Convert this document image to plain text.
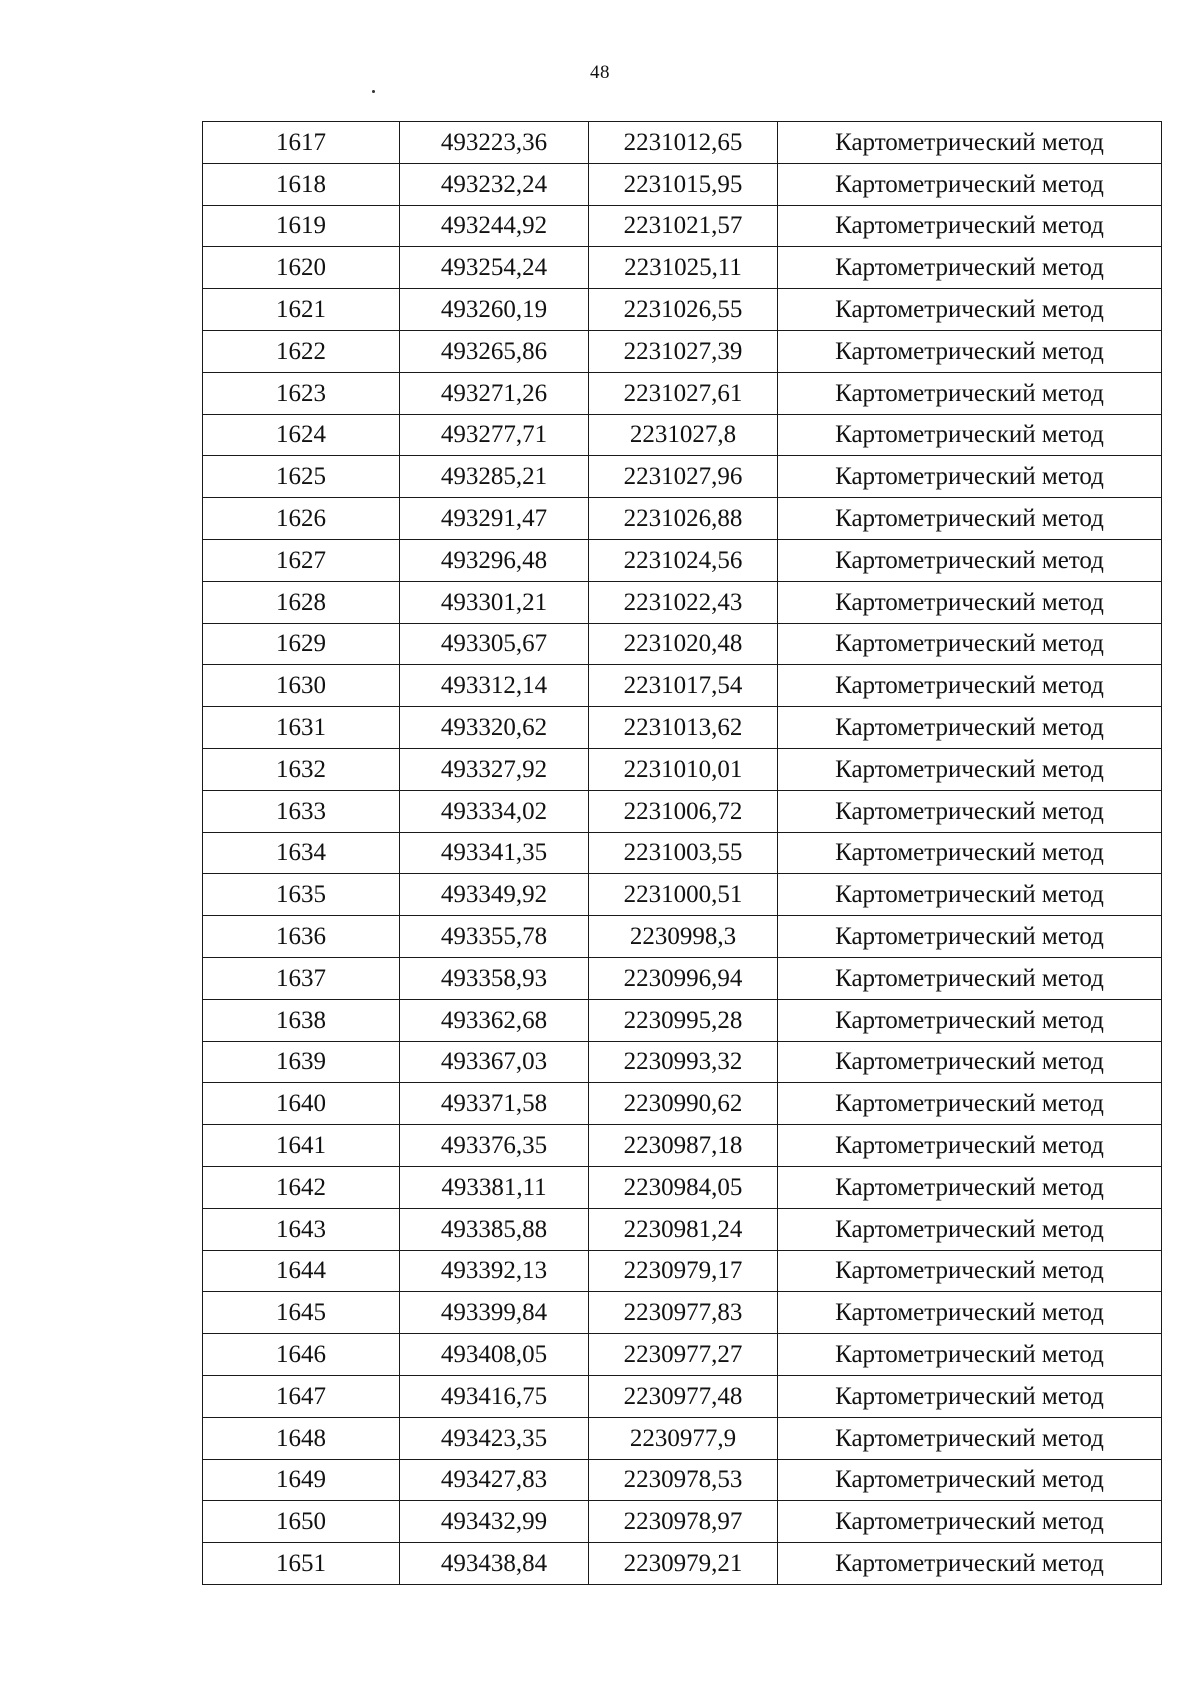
48
1617	493223,36	2231012,65	Картометрический метод
1618	493232,24	2231015,95	Картометрический метод
1619	493244,92	2231021,57	Картометрический метод
1620	493254,24	2231025,11	Картометрический метод
1621	493260,19	2231026,55	Картометрический метод
1622	493265,86	2231027,39	Картометрический метод
1623	493271,26	2231027,61	Картометрический метод
1624	493277,71	2231027,8	Картометрический метод
1625	493285,21	2231027,96	Картометрический метод
1626	493291,47	2231026,88	Картометрический метод
1627	493296,48	2231024,56	Картометрический метод
1628	493301,21	2231022,43	Картометрический метод
1629	493305,67	2231020,48	Картометрический метод
1630	493312,14	2231017,54	Картометрический метод
1631	493320,62	2231013,62	Картометрический метод
1632	493327,92	2231010,01	Картометрический метод
1633	493334,02	2231006,72	Картометрический метод
1634	493341,35	2231003,55	Картометрический метод
1635	493349,92	2231000,51	Картометрический метод
1636	493355,78	2230998,3	Картометрический метод
1637	493358,93	2230996,94	Картометрический метод
1638	493362,68	2230995,28	Картометрический метод
1639	493367,03	2230993,32	Картометрический метод
1640	493371,58	2230990,62	Картометрический метод
1641	493376,35	2230987,18	Картометрический метод
1642	493381,11	2230984,05	Картометрический метод
1643	493385,88	2230981,24	Картометрический метод
1644	493392,13	2230979,17	Картометрический метод
1645	493399,84	2230977,83	Картометрический метод
1646	493408,05	2230977,27	Картометрический метод
1647	493416,75	2230977,48	Картометрический метод
1648	493423,35	2230977,9	Картометрический метод
1649	493427,83	2230978,53	Картометрический метод
1650	493432,99	2230978,97	Картометрический метод
1651	493438,84	2230979,21	Картометрический метод
